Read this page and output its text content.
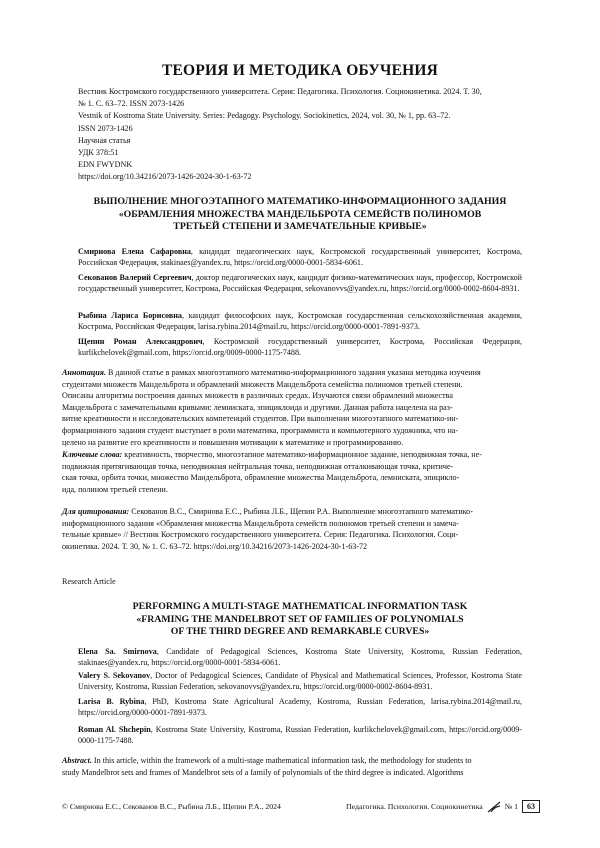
ТЕОРИЯ И МЕТОДИКА ОБУЧЕНИЯ
Вестник Костромского государственного университета. Серия: Педагогика. Психология. Социокинетика. 2024. Т. 30,
№ 1. С. 63–72. ISSN 2073-1426
Vestnik of Kostroma State University. Series: Pedagogy. Psychology. Sociokinetics, 2024, vol. 30, № 1, pp. 63–72.
ISSN 2073-1426
Научная статья
УДК 378:51
EDN FWYDNK
https://doi.org/10.34216/2073-1426-2024-30-1-63-72
ВЫПОЛНЕНИЕ МНОГОЭТАПНОГО МАТЕМАТИКО-ИНФОРМАЦИОННОГО ЗАДАНИЯ
«ОБРАМЛЕНИЯ МНОЖЕСТВА МАНДЕЛЬБРОТА СЕМЕЙСТВ ПОЛИНОМОВ
ТРЕТЬЕЙ СТЕПЕНИ И ЗАМЕЧАТЕЛЬНЫЕ КРИВЫЕ»
Смирнова Елена Сафаровна, кандидат педагогических наук, Костромской государственный университет, Кострома, Российская Федерация, stakinaes@yandex.ru, https://orcid.org/0000-0001-5834-6061.
Секованов Валерий Сергеевич, доктор педагогических наук, кандидат физико-математических наук, профессор, Костромской государственный университет, Кострома, Российская Федерация, sekovanovvs@yandex.ru, https://orcid.org/0000-0002-8604-8931.
Рыбина Лариса Борисовна, кандидат философских наук, Костромская государственная сельскохозяйственная академия, Кострома, Российская Федерация, larisa.rybina.2014@mail.ru, https://orcid.org/0000-0001-7891-9373.
Щепин Роман Александрович, Костромской государственный университет, Кострома, Российская Федерация, kurlikchelovek@gmail.com, https://orcid.org/0009-0000-1175-7488.
Аннотация. В данной статье в рамках многоэтапного математико-информационного задания указана методика изучения
студентами множеств Мандельброта и обрамлений множеств Мандельброта семейства полиномов третьей степени.
Описаны алгоритмы построения данных множеств в различных средах. Изучаются связи обрамлений множества
Мандельброта с замечательными кривыми: лемниската, эпициклоида и другими. Данная работа нацелена на раз-
витие креативности и исследовательских компетенций студентов. При выполнении многоэтапного математико-ин-
формационного задания студент выступает в роли математика, программиста и компьютерного художника, что на-
целено на развитие его креативности и повышения мотивации к математике и программированию.
Ключевые слова: креативность, творчество, многоэтапное математико-информационное задание, неподвижная точка, не-
подвижная притягивающая точка, неподвижная нейтральная точка, неподвижная отталкивающая точка, критиче-
ская точка, орбита точки, множество Мандельброта, обрамление множества Мандельброта, лемниската, эпицикло-
ида, полином третьей степени.
Для цитирования: Секованов В.С., Смирнова Е.С., Рыбина Л.Б., Щепин Р.А. Выполнение многоэтапного математико-
информационного задания «Обрамления множества Мандельброта семейств полиномов третьей степени и замеча-
тельные кривые» // Вестник Костромского государственного университета. Серия: Педагогика. Психология. Соци-
окинетика. 2024. Т. 30, № 1. С. 63–72. https://doi.org/10.34216/2073-1426-2024-30-1-63-72
Research Article
PERFORMING A MULTI-STAGE MATHEMATICAL INFORMATION TASK
«FRAMING THE MANDELBROT SET OF FAMILIES OF POLYNOMIALS
OF THE THIRD DEGREE AND REMARKABLE CURVES»
Elena Sa. Smirnova, Candidate of Pedagogical Sciences, Kostroma State University, Kostroma, Russian Federation, stakinaes@yandex.ru, https://orcid.org/0000-0001-5834-6061.
Valery S. Sekovanov, Doctor of Pedagogical Sciences, Candidate of Physical and Mathematical Sciences, Professor, Kostroma State University, Kostroma, Russian Federation, sekovanovvs@yandex.ru, https://orcid.org/0000-0002-8604-8931.
Larisa B. Rybina, PhD, Kostroma State Agricultural Academy, Kostroma, Russian Federation, larisa.rybina.2014@mail.ru, https://orcid.org/0000-0001-7891-9373.
Roman Al. Shchepin, Kostroma State University, Kostroma, Russian Federation, kurlikchelovek@gmail.com, https://orcid.org/0009-0000-1175-7488.
Abstract. In this article, within the framework of a multi-stage mathematical information task, the methodology for students to
study Mandelbrot sets and frames of Mandelbrot sets of a family of polynomials of the third degree is indicated. Algorithms
© Смирнова Е.С., Секованов В.С., Рыбина Л.Б., Щепин Р.А., 2024	Педагогика. Психология. Социокинетика	№ 1	63
